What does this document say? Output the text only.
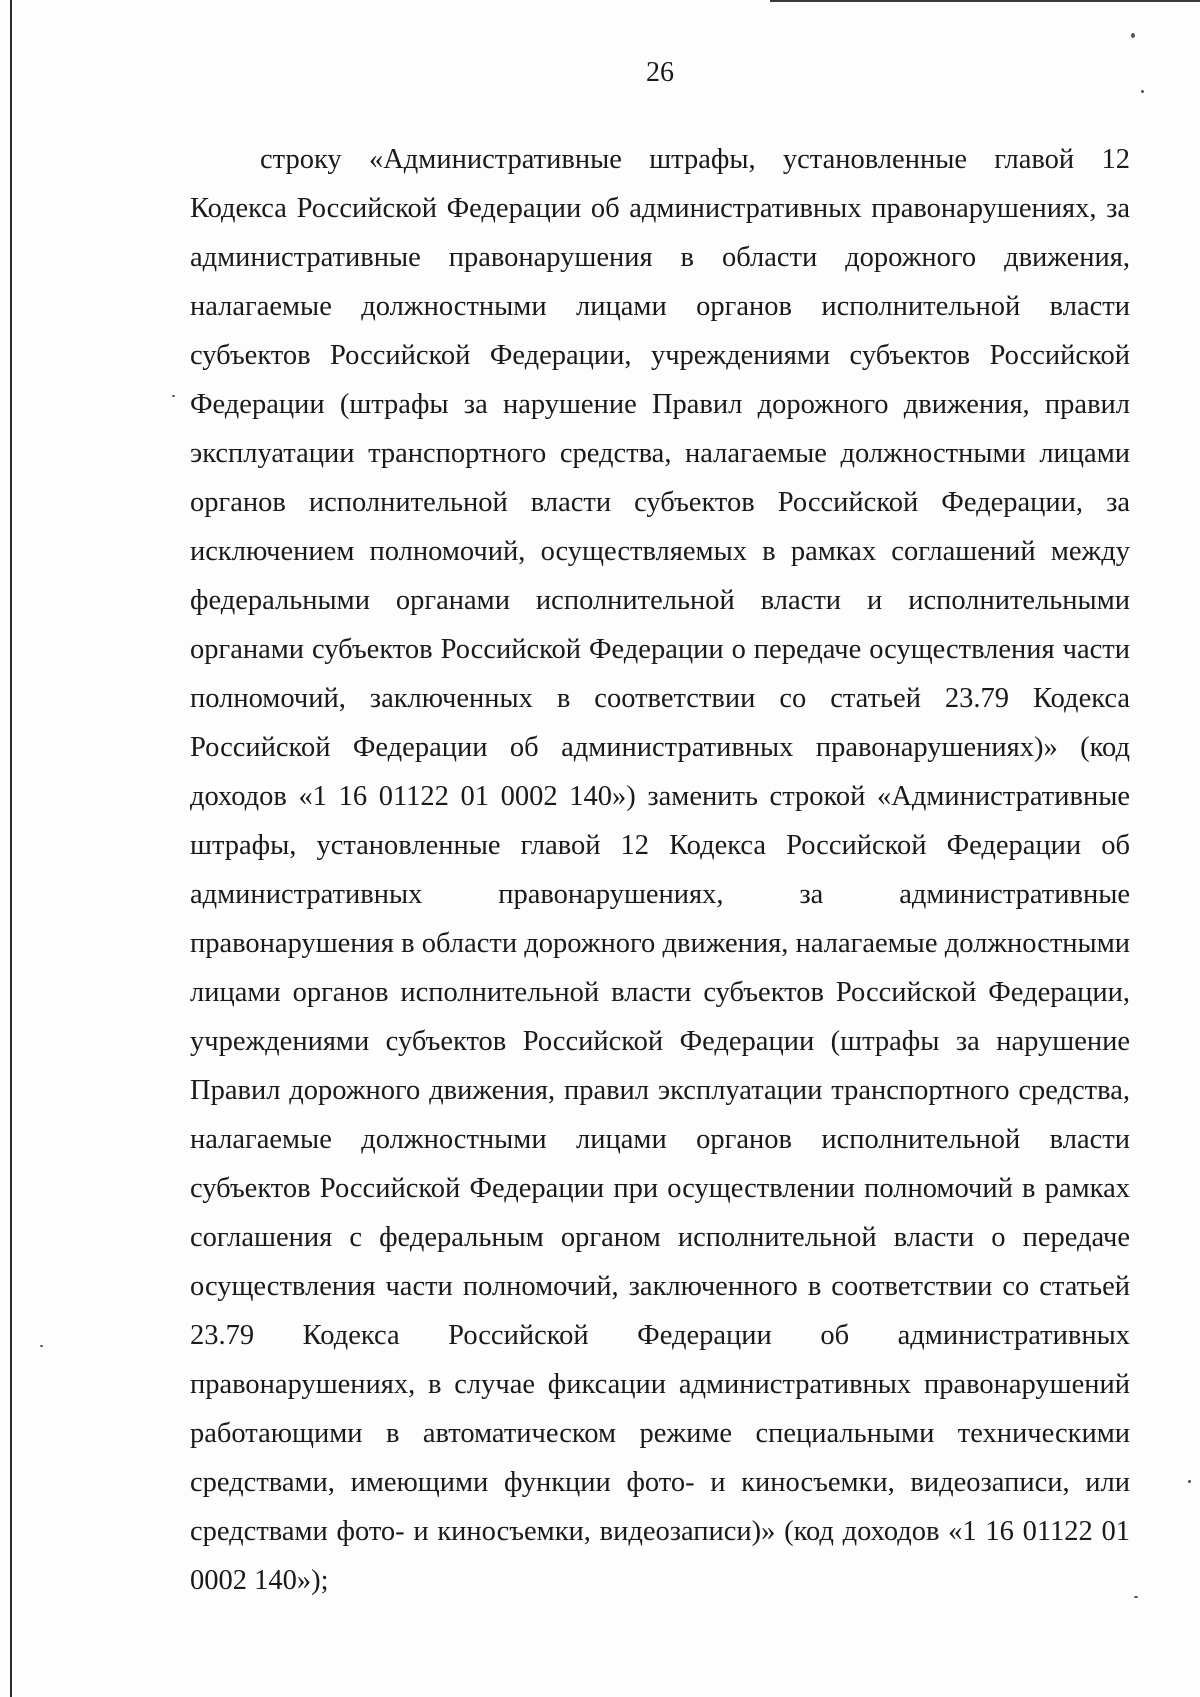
26

строку «Административные штрафы, установленные главой 12 Кодекса Российской Федерации об административных правонарушениях, за административные правонарушения в области дорожного движения, налагаемые должностными лицами органов исполнительной власти субъектов Российской Федерации, учреждениями субъектов Российской Федерации (штрафы за нарушение Правил дорожного движения, правил эксплуатации транспортного средства, налагаемые должностными лицами органов исполнительной власти субъектов Российской Федерации, за исключением полномочий, осуществляемых в рамках соглашений между федеральными органами исполнительной власти и исполнительными органами субъектов Российской Федерации о передаче осуществления части полномочий, заключенных в соответствии со статьей 23.79 Кодекса Российской Федерации об административных правонарушениях)» (код доходов «1 16 01122 01 0002 140») заменить строкой «Административные штрафы, установленные главой 12 Кодекса Российской Федерации об административных правонарушениях, за административные правонарушения в области дорожного движения, налагаемые должностными лицами органов исполнительной власти субъектов Российской Федерации, учреждениями субъектов Российской Федерации (штрафы за нарушение Правил дорожного движения, правил эксплуатации транспортного средства, налагаемые должностными лицами органов исполнительной власти субъектов Российской Федерации при осуществлении полномочий в рамках соглашения с федеральным органом исполнительной власти о передаче осуществления части полномочий, заключенного в соответствии со статьей 23.79 Кодекса Российской Федерации об административных правонарушениях, в случае фиксации административных правонарушений работающими в автоматическом режиме специальными техническими средствами, имеющими функции фото- и киносъемки, видеозаписи, или средствами фото- и киносъемки, видеозаписи)» (код доходов «1 16 01122 01 0002 140»);
